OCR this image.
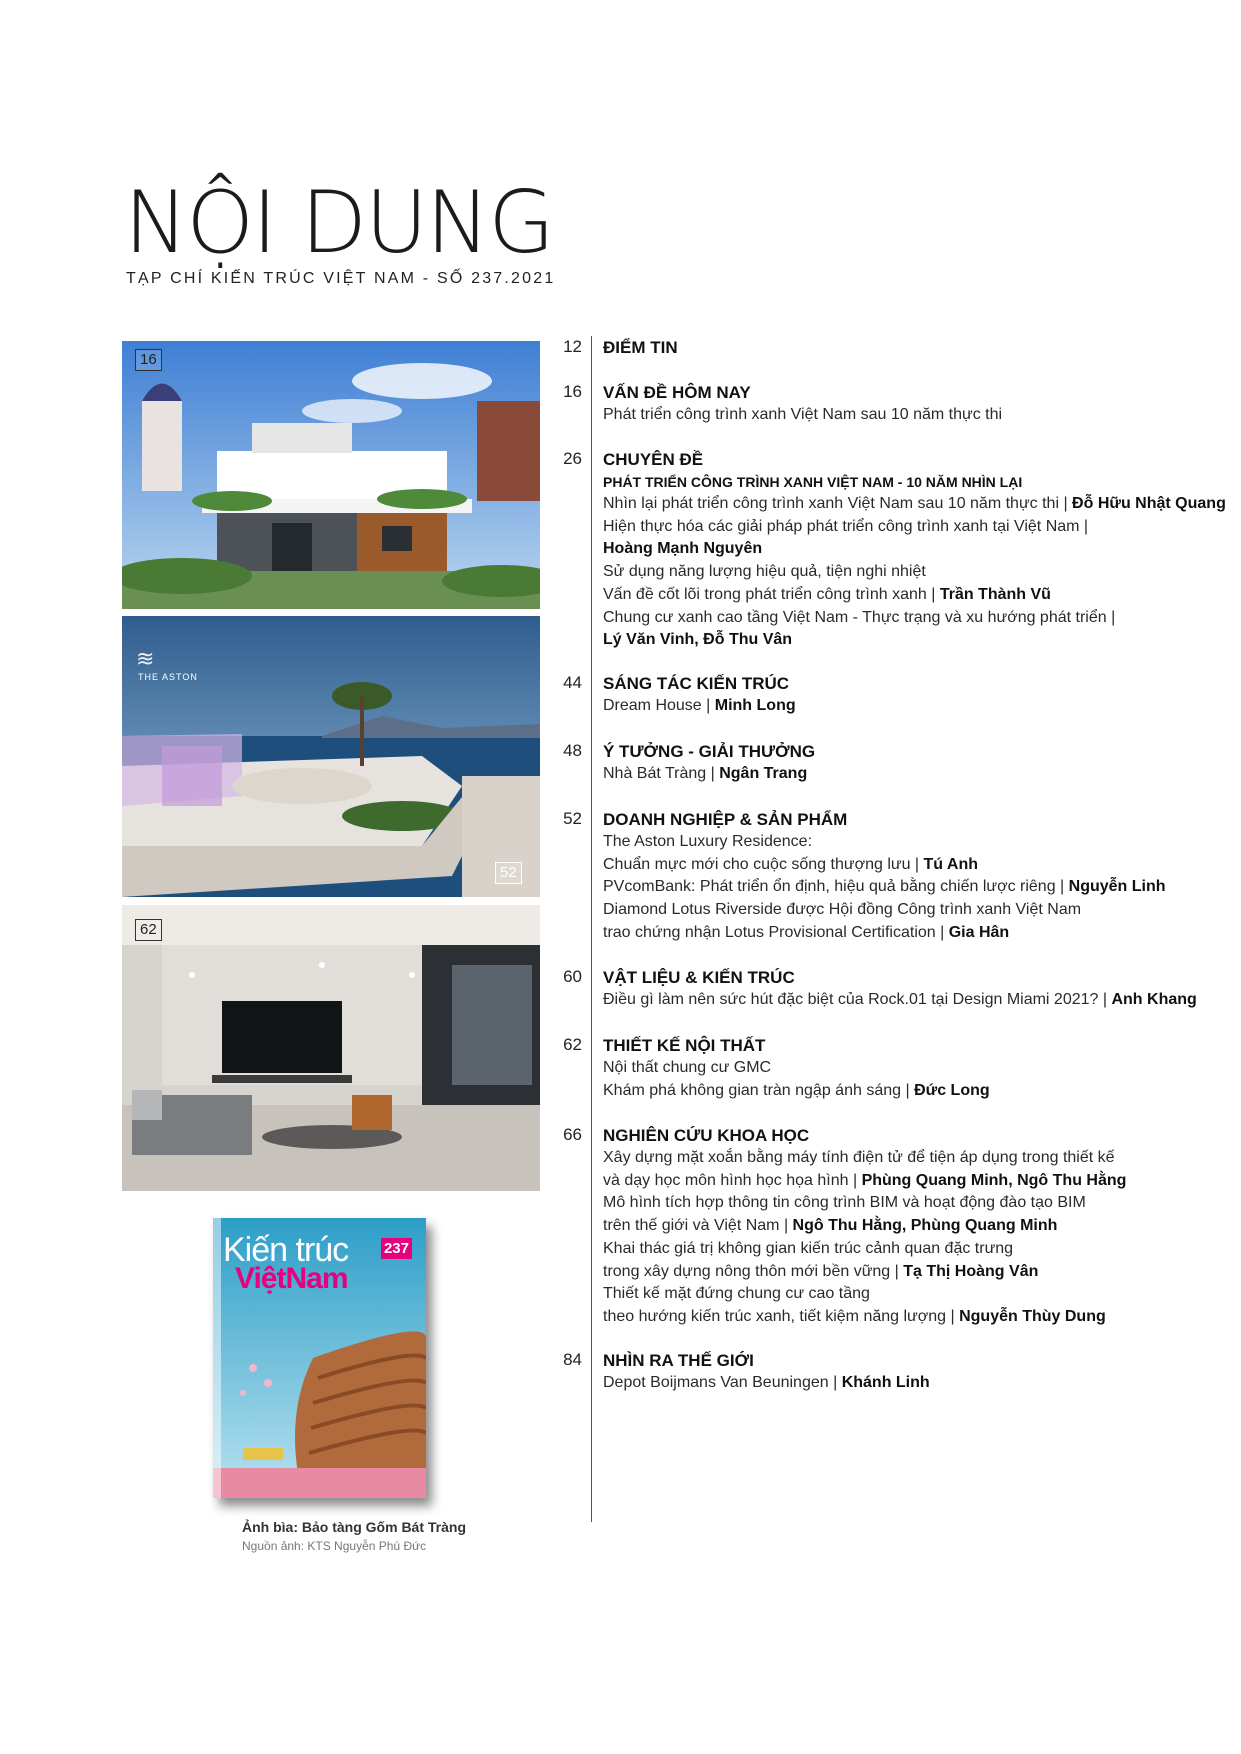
NỘI DUNG
TẠP CHÍ KIẾN TRÚC VIỆT NAM - SỐ 237.2021
16
≋
THE ASTON
52
62
Kiến trúc
ViệtNam
237
Ảnh bìa: Bảo tàng Gốm Bát Tràng
Nguồn ảnh: KTS Nguyễn Phú Đức
12 ĐIỂM TIN
16 VẤN ĐỀ HÔM NAY
Phát triển công trình xanh Việt Nam sau 10 năm thực thi
26 CHUYÊN ĐỀ
PHÁT TRIỂN CÔNG TRÌNH XANH VIỆT NAM - 10 NĂM NHÌN LẠI
Nhìn lại phát triển công trình xanh Việt Nam sau 10 năm thực thi | Đỗ Hữu Nhật Quang
Hiện thực hóa các giải pháp phát triển công trình xanh tại Việt Nam |
Hoàng Mạnh Nguyên
Sử dụng năng lượng hiệu quả, tiện nghi nhiệt
Vấn đề cốt lõi trong phát triển công trình xanh | Trần Thành Vũ
Chung cư xanh cao tầng Việt Nam - Thực trạng và xu hướng phát triển |
Lý Văn Vinh, Đỗ Thu Vân
44 SÁNG TÁC KIẾN TRÚC
Dream House | Minh Long
48 Ý TƯỞNG - GIẢI THƯỞNG
Nhà Bát Tràng | Ngân Trang
52 DOANH NGHIỆP & SẢN PHẨM
The Aston Luxury Residence:
Chuẩn mực mới cho cuộc sống thượng lưu | Tú Anh
PVcomBank: Phát triển ổn định, hiệu quả bằng chiến lược riêng | Nguyễn Linh
Diamond Lotus Riverside được Hội đồng Công trình xanh Việt Nam
trao chứng nhận Lotus Provisional Certification | Gia Hân
60 VẬT LIỆU & KIẾN TRÚC
Điều gì làm nên sức hút đặc biệt của Rock.01 tại Design Miami 2021? | Anh Khang
62 THIẾT KẾ NỘI THẤT
Nội thất chung cư GMC
Khám phá không gian tràn ngập ánh sáng | Đức Long
66 NGHIÊN CỨU KHOA HỌC
Xây dựng mặt xoắn bằng máy tính điện tử để tiện áp dụng trong thiết kế
và dạy học môn hình học họa hình | Phùng Quang Minh, Ngô Thu Hằng
Mô hình tích hợp thông tin công trình BIM và hoạt động đào tạo BIM
trên thế giới và Việt Nam | Ngô Thu Hằng, Phùng Quang Minh
Khai thác giá trị không gian kiến trúc cảnh quan đặc trưng
trong xây dựng nông thôn mới bền vững | Tạ Thị Hoàng Vân
Thiết kế mặt đứng chung cư cao tầng
theo hướng kiến trúc xanh, tiết kiệm năng lượng | Nguyễn Thùy Dung
84 NHÌN RA THẾ GIỚI
Depot Boijmans Van Beuningen | Khánh Linh
